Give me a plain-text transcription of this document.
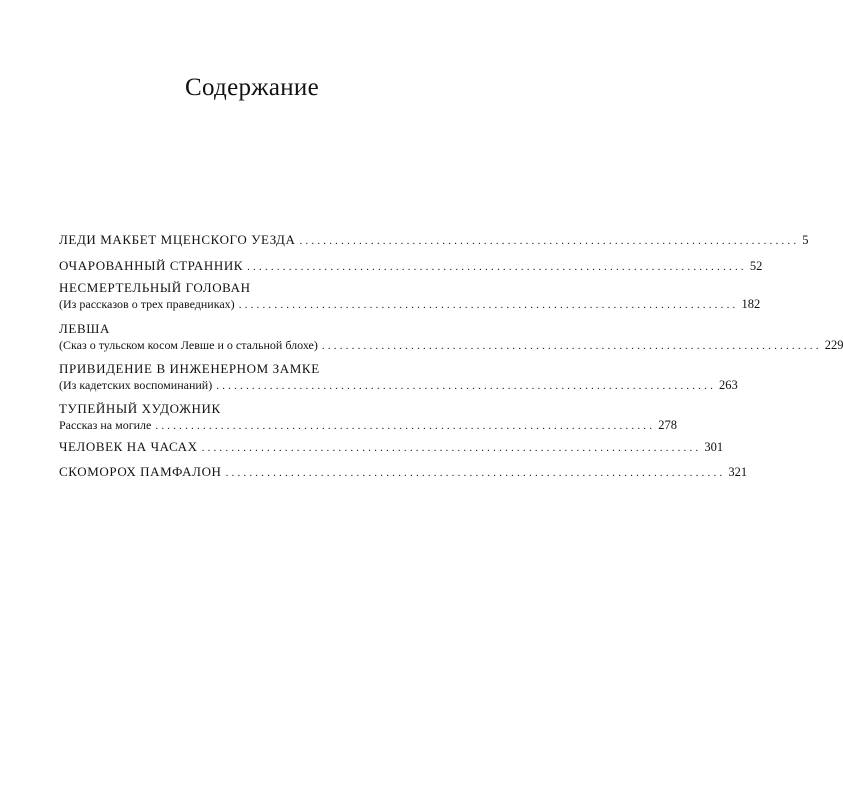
Содержание
ЛЕДИ МАКБЕТ МЦЕНСКОГО УЕЗДА .................................................................................... 5
ОЧАРОВАННЫЙ СТРАННИК .................................................................................... 52
НЕСМЕРТЕЛЬНЫЙ ГОЛОВАН
(Из рассказов о трех праведниках) .................................................................................... 182
ЛЕВША
(Сказ о тульском косом Левше и о стальной блохе) .................................................................................... 229
ПРИВИДЕНИЕ В ИНЖЕНЕРНОМ ЗАМКЕ
(Из кадетских воспоминаний) .................................................................................... 263
ТУПЕЙНЫЙ ХУДОЖНИК
Рассказ на могиле .................................................................................... 278
ЧЕЛОВЕК НА ЧАСАХ .................................................................................... 301
СКОМОРОХ ПАМФАЛОН .................................................................................... 321
